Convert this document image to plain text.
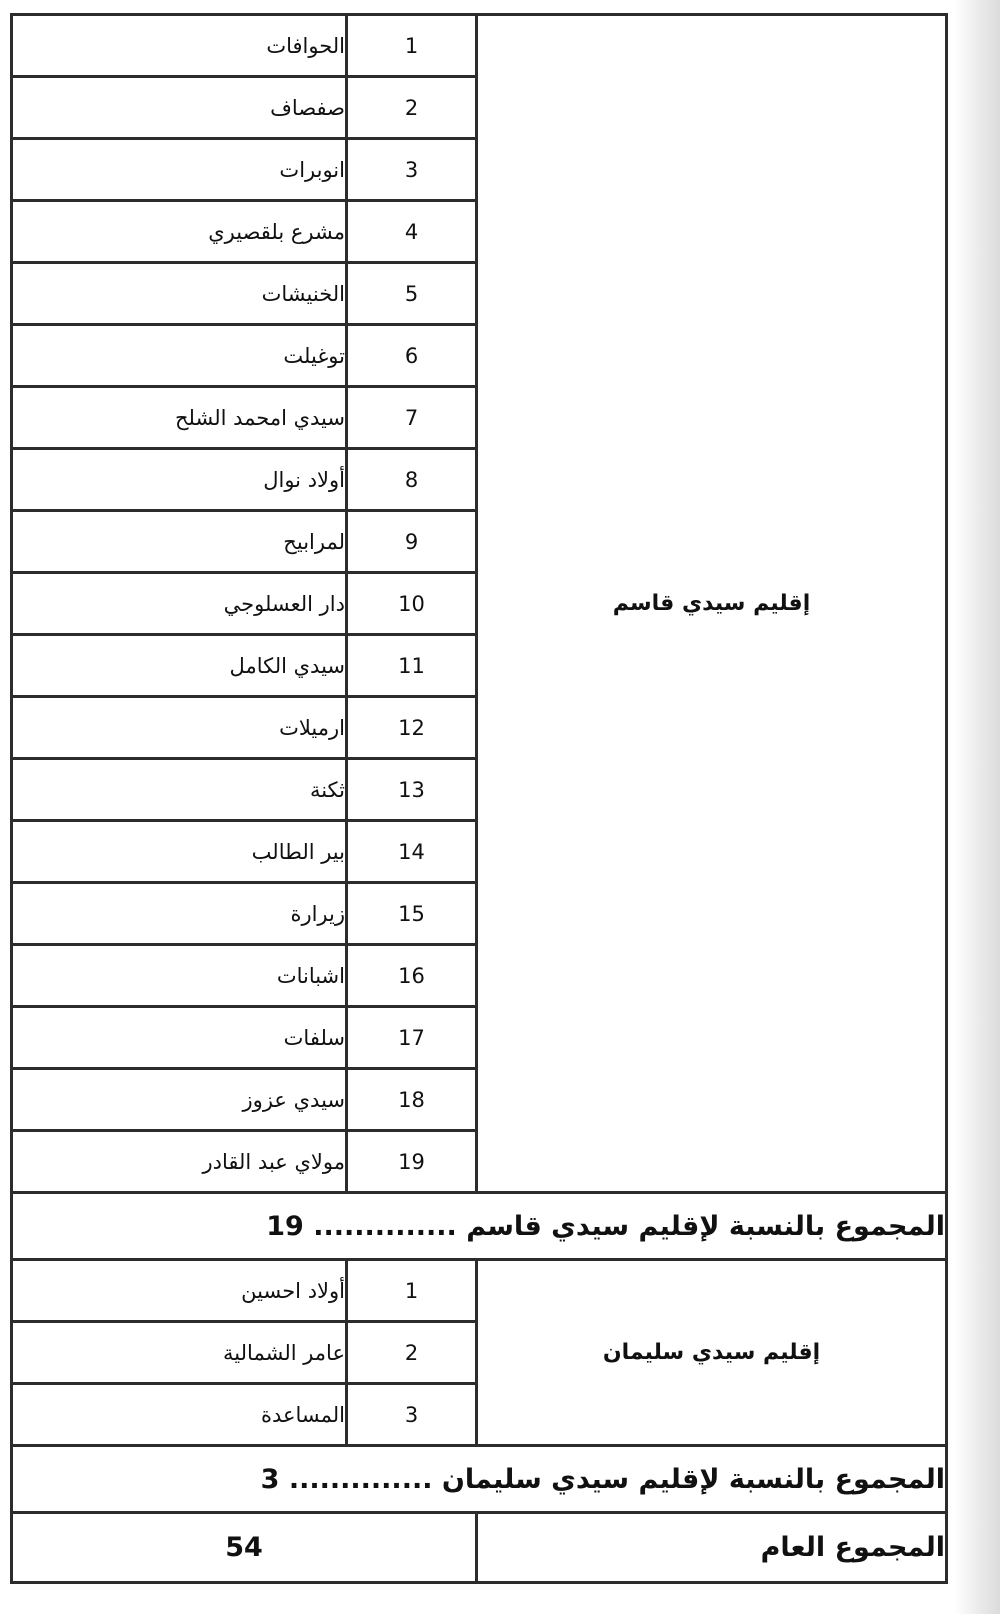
الحوافات	1	إقليم سيدي قاسم
صفصاف	2	
انوبرات	3	
مشرع بلقصيري	4	
الخنيشات	5	
توغيلت	6	
سيدي امحمد الشلح	7	
أولاد نوال	8	
لمرابيح	9	
دار العسلوجي	10	
سيدي الكامل	11	
ارميلات	12	
ثكنة	13	
بير الطالب	14	
زيرارة	15	
اشبانات	16	
سلفات	17	
سيدي عزوز	18	
مولاي عبد القادر	19	
المجموع بالنسبة لإقليم سيدي قاسم .............. 19		
أولاد احسين	1	إقليم سيدي سليمان
عامر الشمالية	2	
المساعدة	3	
المجموع بالنسبة لإقليم سيدي سليمان .............. 3		
54		المجموع العام
